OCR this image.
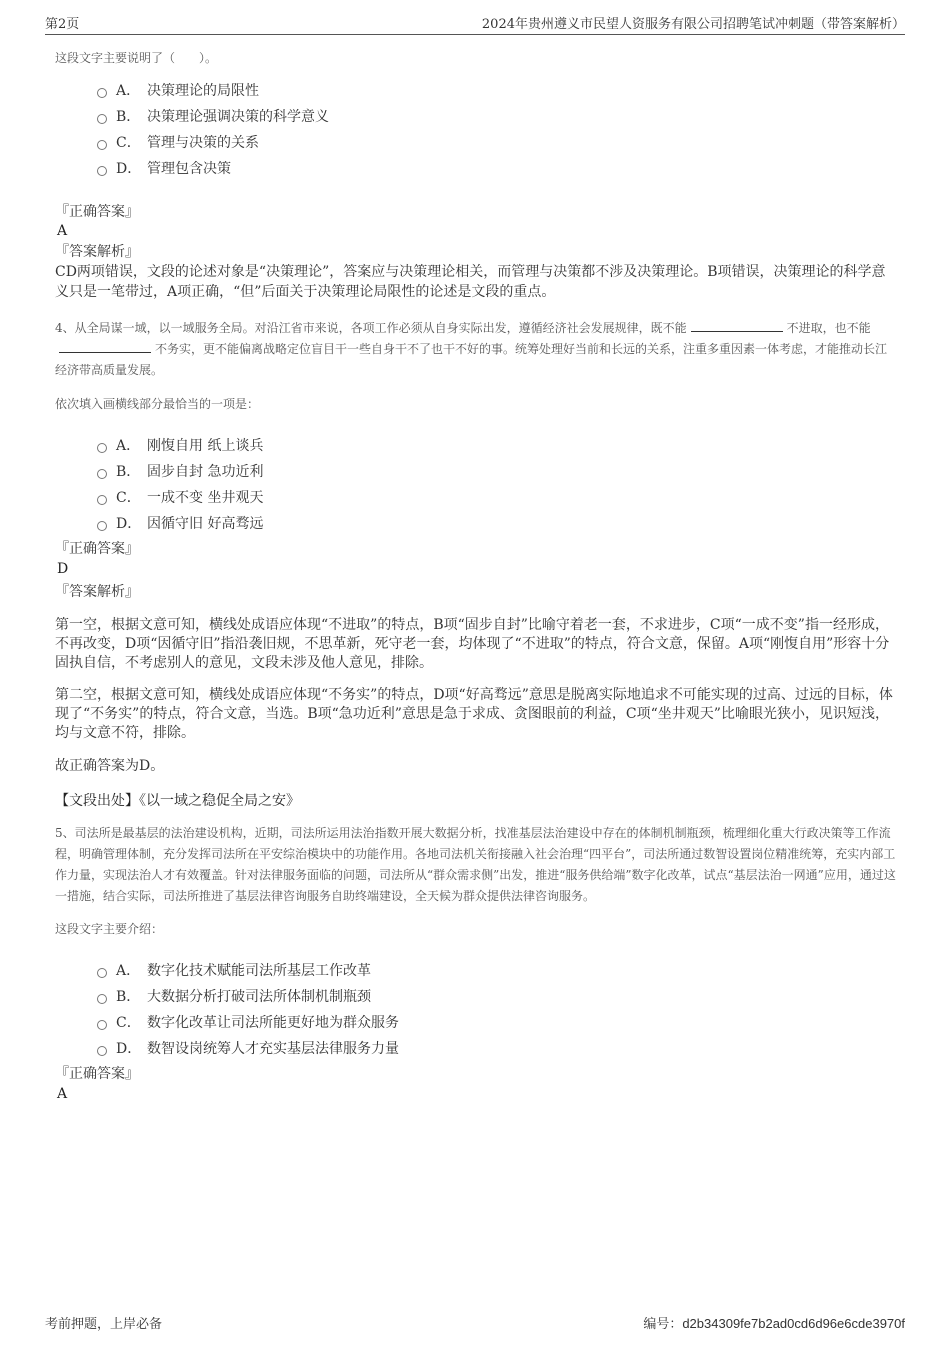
第2页	2024年贵州遵义市民望人资服务有限公司招聘笔试冲刺题（带答案解析）
这段文字主要说明了（　　）。
A． 决策理论的局限性
B． 决策理论强调决策的科学意义
C． 管理与决策的关系
D． 管理包含决策
『正确答案』
A
『答案解析』
CD两项错误，文段的论述对象是“决策理论”，答案应与决策理论相关，而管理与决策都不涉及决策理论。B项错误，决策理论的科学意义只是一笔带过，A项正确，“但”后面关于决策理论局限性的论述是文段的重点。
4、从全局谋一域，以一域服务全局。对沿江省市来说，各项工作必须从自身实际出发，遵循经济社会发展规律，既不能	不进取，也不能不务实，更不能偏离战略定位盲目干一些自身干不了也干不好的事。统筹处理好当前和长远的关系，注重多重因素一体考虑，才能推动长江经济带高质量发展。
依次填入画横线部分最恰当的一项是：
A． 刚愎自用 纸上谈兵
B． 固步自封 急功近利
C． 一成不变 坐井观天
D． 因循守旧 好高骛远
『正确答案』
D
『答案解析』
第一空，根据文意可知，横线处成语应体现“不进取”的特点，B项“固步自封”比喻守着老一套，不求进步，C项“一成不变”指一经形成，不再改变，D项“因循守旧”指沿袭旧规，不思革新，死守老一套，均体现了“不进取”的特点，符合文意，保留。A项“刚愎自用”形容十分固执自信，不考虑别人的意见，文段未涉及他人意见，排除。
第二空，根据文意可知，横线处成语应体现“不务实”的特点，D项“好高骛远”意思是脱离实际地追求不可能实现的过高、过远的目标，体现了“不务实”的特点，符合文意，当选。B项“急功近利”意思是急于求成、贪图眼前的利益，C项“坐井观天”比喻眼光狭小，见识短浅，均与文意不符，排除。
故正确答案为D。
【文段出处】《以一域之稳促全局之安》
5、司法所是最基层的法治建设机构，近期，司法所运用法治指数开展大数据分析，找准基层法治建设中存在的体制机制瓶颈，梳理细化重大行政决策等工作流程，明确管理体制，充分发挥司法所在平安综治模块中的功能作用。各地司法机关衔接融入社会治理“四平台”，司法所通过数智设置岗位精准统筹，充实内部工作力量，实现法治人才有效覆盖。针对法律服务面临的问题，司法所从“群众需求侧”出发，推进“服务供给端”数字化改革，试点“基层法治一网通”应用，通过这一措施，结合实际，司法所推进了基层法律咨询服务自助终端建设，全天候为群众提供法律咨询服务。
这段文字主要介绍：
A． 数字化技术赋能司法所基层工作改革
B． 大数据分析打破司法所体制机制瓶颈
C． 数字化改革让司法所能更好地为群众服务
D． 数智设岗统筹人才充实基层法律服务力量
『正确答案』
A
考前押题，上岸必备	编号：d2b34309fe7b2ad0cd6d96e6cde3970f
